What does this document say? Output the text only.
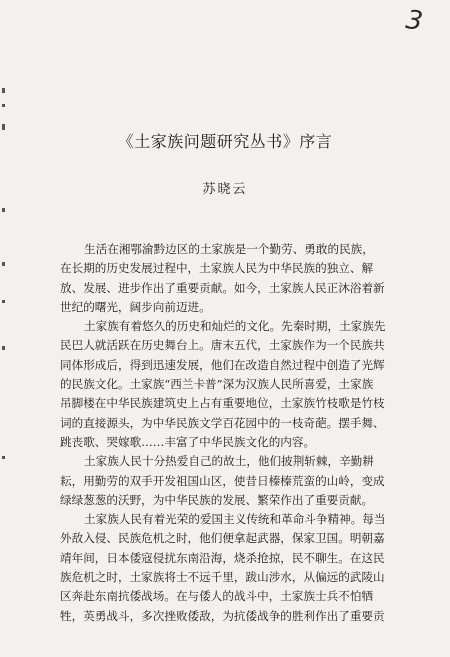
3
《土家族问题研究丛书》序言
苏晓云
生活在湘鄂渝黔边区的土家族是一个勤劳、勇敢的民族，
在长期的历史发展过程中，土家族人民为中华民族的独立、解
放、发展、进步作出了重要贡献。如今，土家族人民正沐浴着新
世纪的曙光，阔步向前迈进。
土家族有着悠久的历史和灿烂的文化。先秦时期，土家族先
民巴人就活跃在历史舞台上。唐末五代，土家族作为一个民族共
同体形成后，得到迅速发展，他们在改造自然过程中创造了光辉
的民族文化。土家族“西兰卡普”深为汉族人民所喜爱，土家族
吊脚楼在中华民族建筑史上占有重要地位，土家族竹枝歌是竹枝
词的直接源头，为中华民族文学百花园中的一枝奇葩。摆手舞、
跳丧歌、哭嫁歌……丰富了中华民族文化的内容。
土家族人民十分热爱自己的故土，他们披荆斩棘，辛勤耕
耘，用勤劳的双手开发祖国山区，使昔日榛榛荒蛮的山岭，变成
绿绿葱葱的沃野，为中华民族的发展、繁荣作出了重要贡献。
土家族人民有着光荣的爱国主义传统和革命斗争精神。每当
外敌入侵、民族危机之时，他们便拿起武器，保家卫国。明朝嘉
靖年间，日本倭寇侵扰东南沿海，烧杀抢掠，民不聊生。在这民
族危机之时，土家族将士不远千里，跋山涉水，从偏远的武陵山
区奔赴东南抗倭战场。在与倭人的战斗中，土家族士兵不怕牺
牲，英勇战斗，多次挫败倭敌，为抗倭战争的胜利作出了重要贡
